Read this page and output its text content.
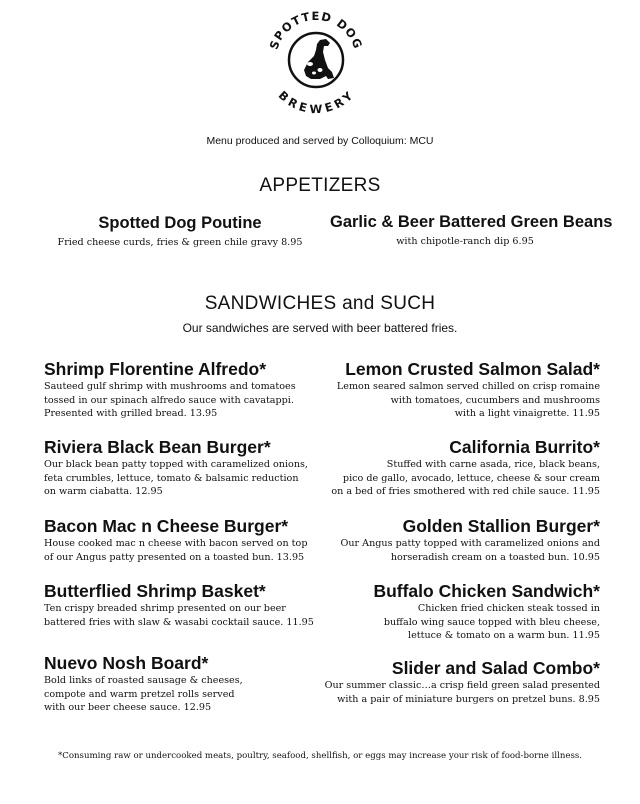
SPOTTED DOG
BREWERY
Menu produced and served by Colloquium: MCU
APPETIZERS
Spotted Dog Poutine
Fried cheese curds, fries & green chile gravy 8.95
Garlic & Beer Battered Green Beans
with chipotle-ranch dip 6.95
SANDWICHES and SUCH
Our sandwiches are served with beer battered fries.
Shrimp Florentine Alfredo*
Sauteed gulf shrimp with mushrooms and tomatoes
tossed in our spinach alfredo sauce with cavatappi.
Presented with grilled bread. 13.95
Riviera Black Bean Burger*
Our black bean patty topped with caramelized onions,
feta crumbles, lettuce, tomato & balsamic reduction
on warm ciabatta. 12.95
Bacon Mac n Cheese Burger*
House cooked mac n cheese with bacon served on top
of our Angus patty presented on a toasted bun. 13.95
Butterflied Shrimp Basket*
Ten crispy breaded shrimp presented on our beer
battered fries with slaw & wasabi cocktail sauce. 11.95
Nuevo Nosh Board*
Bold links of roasted sausage & cheeses,
compote and warm pretzel rolls served
with our beer cheese sauce. 12.95
Lemon Crusted Salmon Salad*
Lemon seared salmon served chilled on crisp romaine
with tomatoes, cucumbers and mushrooms
with a light vinaigrette. 11.95
California Burrito*
Stuffed with carne asada, rice, black beans,
pico de gallo, avocado, lettuce, cheese & sour cream
on a bed of fries smothered with red chile sauce. 11.95
Golden Stallion Burger*
Our Angus patty topped with caramelized onions and
horseradish cream on a toasted bun. 10.95
Buffalo Chicken Sandwich*
Chicken fried chicken steak tossed in
buffalo wing sauce topped with bleu cheese,
lettuce & tomato on a warm bun. 11.95
Slider and Salad Combo*
Our summer classic…a crisp field green salad presented
with a pair of miniature burgers on pretzel buns. 8.95
*Consuming raw or undercooked meats, poultry, seafood, shellfish, or eggs may increase your risk of food-borne illness.
